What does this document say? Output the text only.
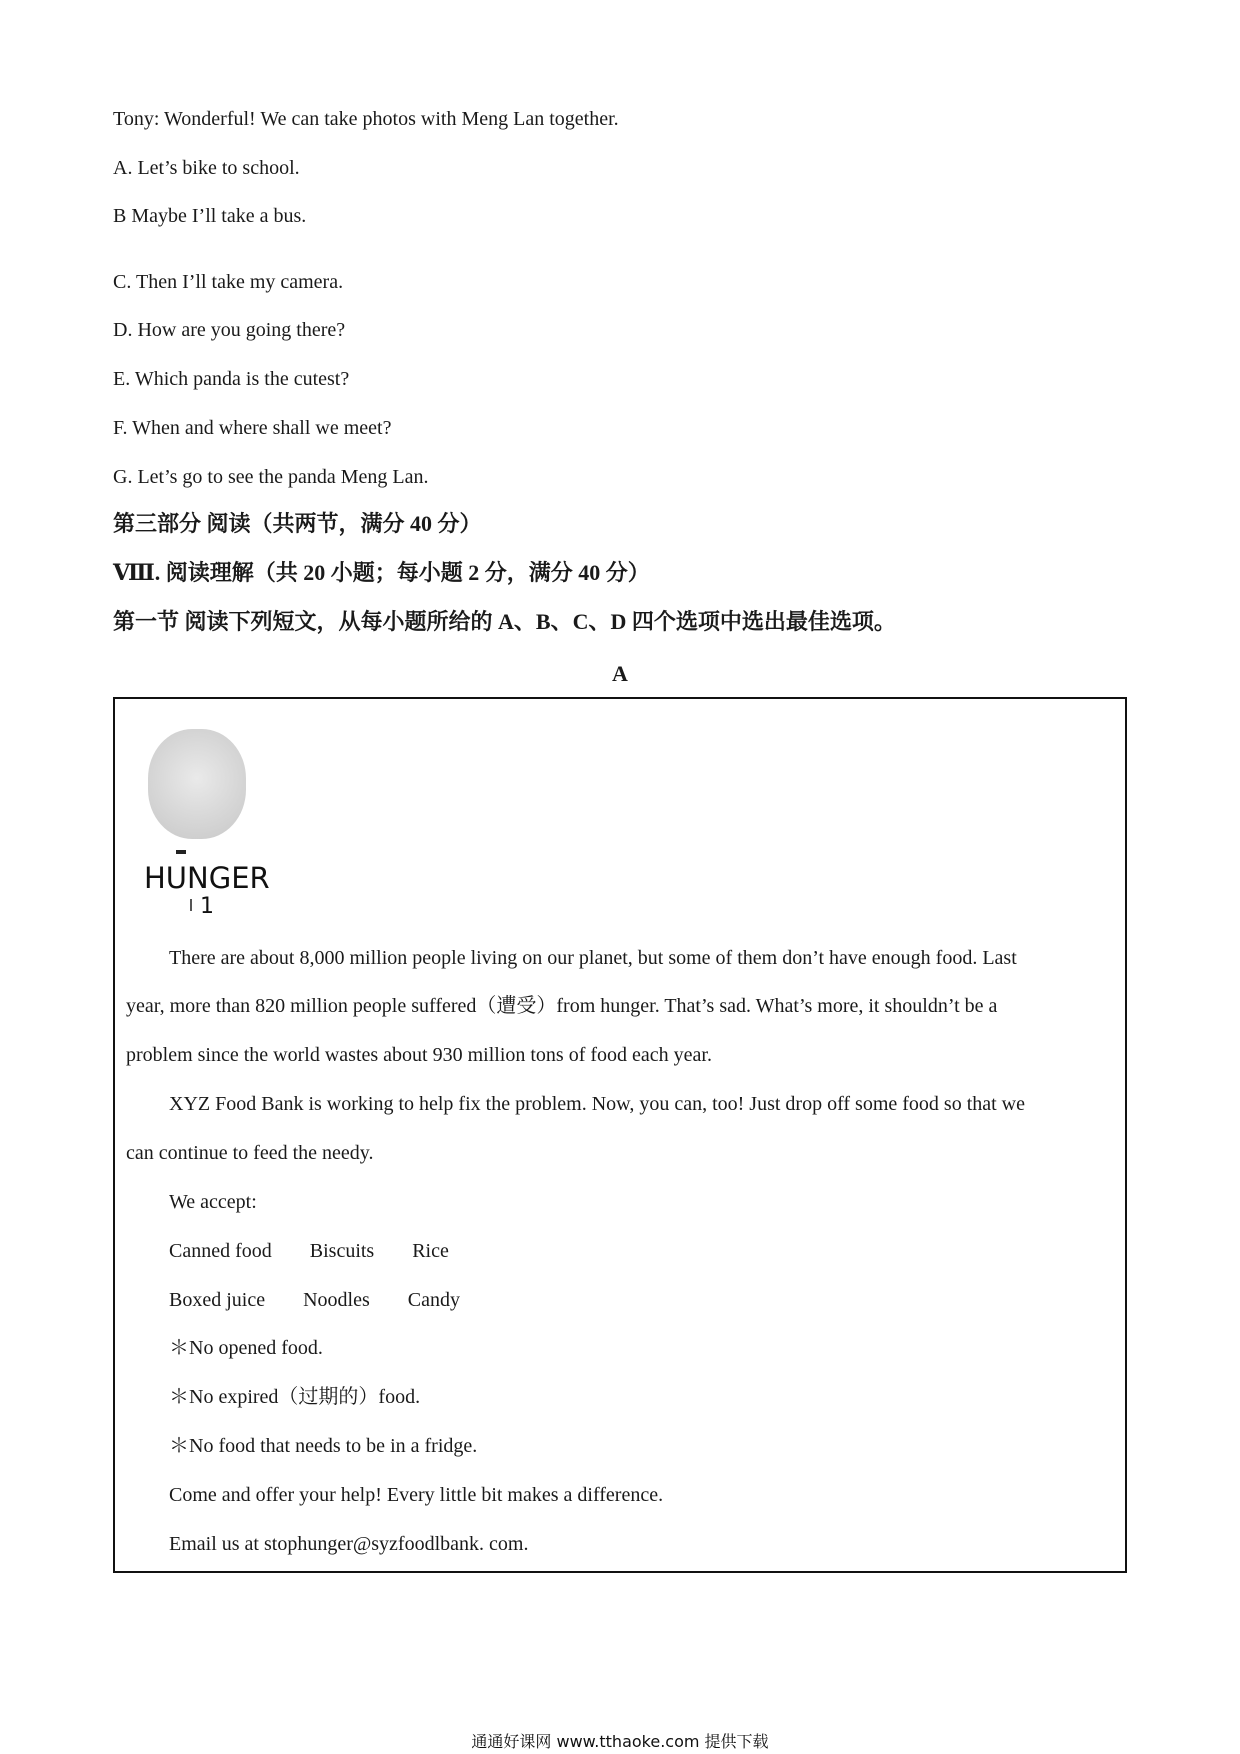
Tony: Wonderful! We can take photos with Meng Lan together.
A. Let’s bike to school.
B Maybe I’ll take a bus.
C. Then I’ll take my camera.
D. How are you going there?
E. Which panda is the cutest?
F. When and where shall we meet?
G. Let’s go to see the panda Meng Lan.
第三部分 阅读（共两节，满分 40 分）
Ⅷ. 阅读理解（共 20 小题；每小题 2 分，满分 40 分）
第一节 阅读下列短文，从每小题所给的 A、B、C、D 四个选项中选出最佳选项。
A
HUNGER
1
There are about 8,000 million people living on our planet, but some of them don’t have enough food. Last
year, more than 820 million people suffered（遭受）from hunger. That’s sad. What’s more, it shouldn’t be a
problem since the world wastes about 930 million tons of food each year.
XYZ Food Bank is working to help fix the problem. Now, you can, too! Just drop off some food so that we
can continue to feed the needy.
We accept:
Canned food Biscuits Rice
Boxed juice Noodles Candy
＊No opened food.
＊No expired（过期的）food.
＊No food that needs to be in a fridge.
Come and offer your help! Every little bit makes a difference.
Email us at stophunger@syzfoodlbank. com.
通通好课网 www.tthaoke.com 提供下载
